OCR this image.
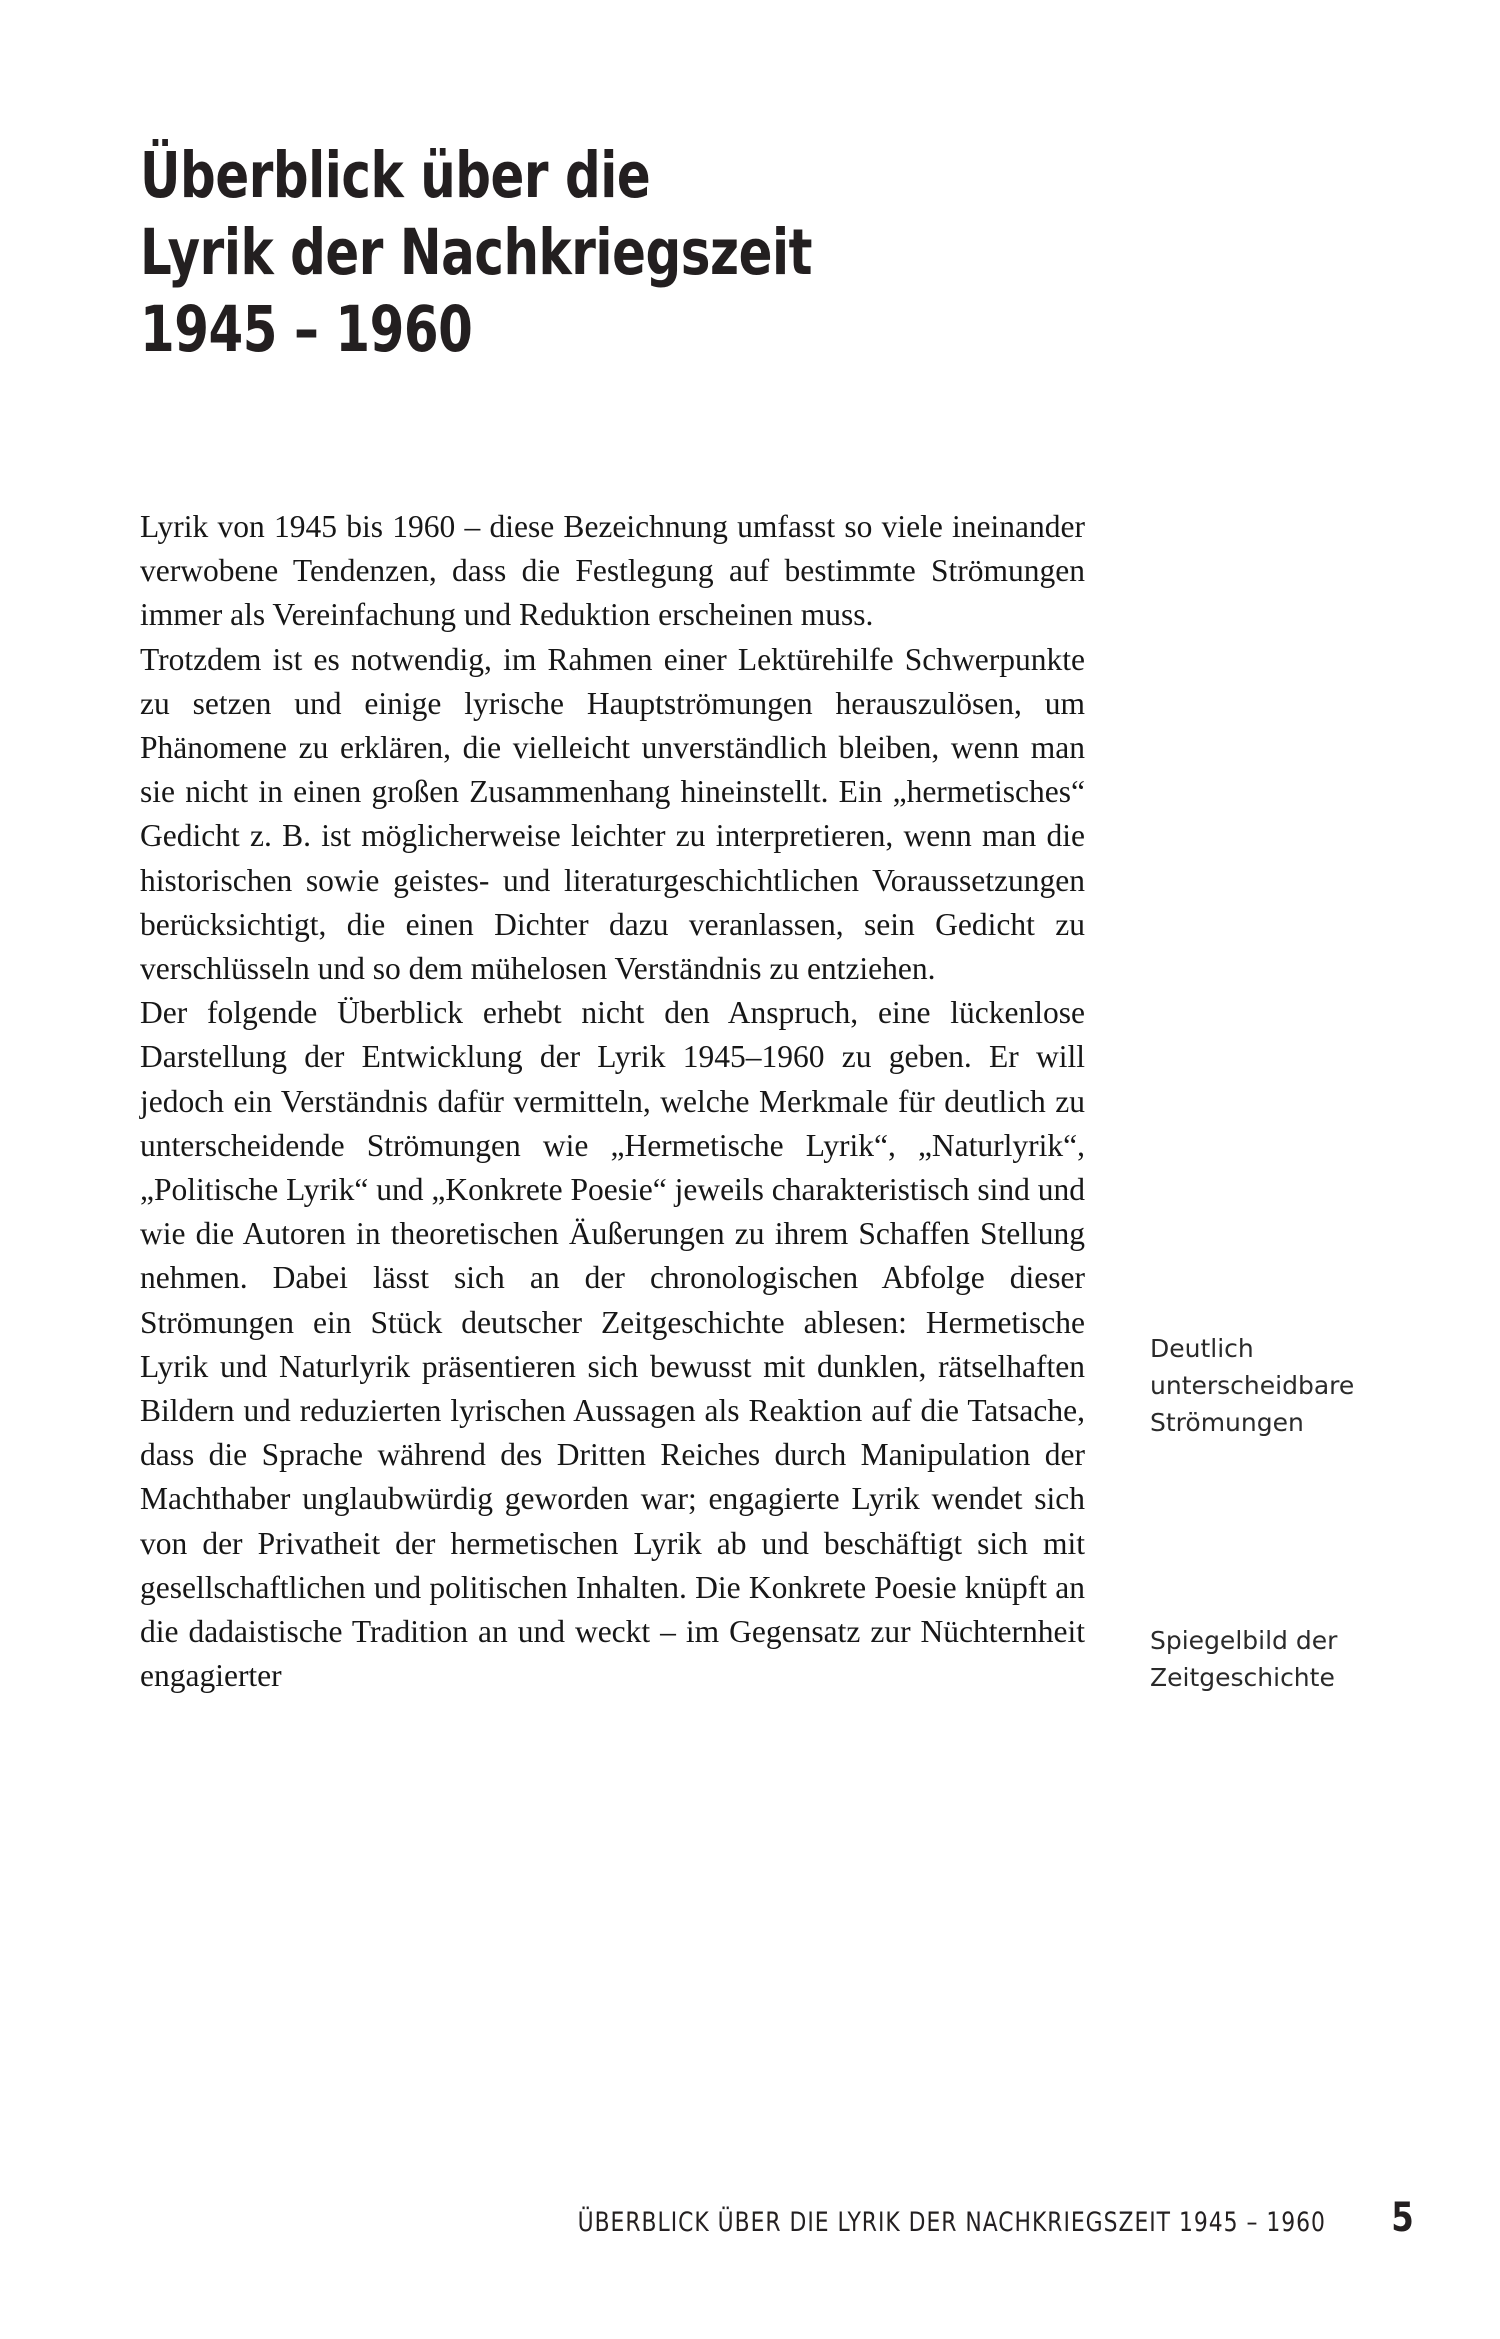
Überblick über die
Lyrik der Nachkriegszeit
1945 – 1960

Lyrik von 1945 bis 1960 – diese Bezeichnung umfasst so viele ineinander verwobene Tendenzen, dass die Festlegung auf bestimmte Strömungen immer als Vereinfachung und Reduktion erscheinen muss.

Trotzdem ist es notwendig, im Rahmen einer Lektürehilfe Schwerpunkte zu setzen und einige lyrische Hauptströmungen herauszulösen, um Phänomene zu erklären, die vielleicht unverständlich bleiben, wenn man sie nicht in einen großen Zusammenhang hineinstellt. Ein „hermetisches“ Gedicht z. B. ist möglicherweise leichter zu interpretieren, wenn man die historischen sowie geistes- und literaturgeschichtlichen Voraussetzungen berücksichtigt, die einen Dichter dazu veranlassen, sein Gedicht zu verschlüsseln und so dem mühelosen Verständnis zu entziehen.

Der folgende Überblick erhebt nicht den Anspruch, eine lückenlose Darstellung der Entwicklung der Lyrik 1945–1960 zu geben. Er will jedoch ein Verständnis dafür vermitteln, welche Merkmale für deutlich zu unterscheidende Strömungen wie „Hermetische Lyrik“, „Naturlyrik“, „Politische Lyrik“ und „Konkrete Poesie“ jeweils charakteristisch sind und wie die Autoren in theoretischen Äußerungen zu ihrem Schaffen Stellung nehmen. Dabei lässt sich an der chronologischen Abfolge dieser Strömungen ein Stück deutscher Zeitgeschichte ablesen: Hermetische Lyrik und Naturlyrik präsentieren sich bewusst mit dunklen, rätselhaften Bildern und reduzierten lyrischen Aussagen als Reaktion auf die Tatsache, dass die Sprache während des Dritten Reiches durch Manipulation der Machthaber unglaubwürdig geworden war; engagierte Lyrik wendet sich von der Privatheit der hermetischen Lyrik ab und beschäftigt sich mit gesellschaftlichen und politischen Inhalten. Die Konkrete Poesie knüpft an die dadaistische Tradition an und weckt – im Gegensatz zur Nüchternheit engagierter

Deutlich unterscheidbare Strömungen
Spiegelbild der Zeitgeschichte
ÜBERBLICK ÜBER DIE LYRIK DER NACHKRIEGSZEIT 1945 – 1960 5
